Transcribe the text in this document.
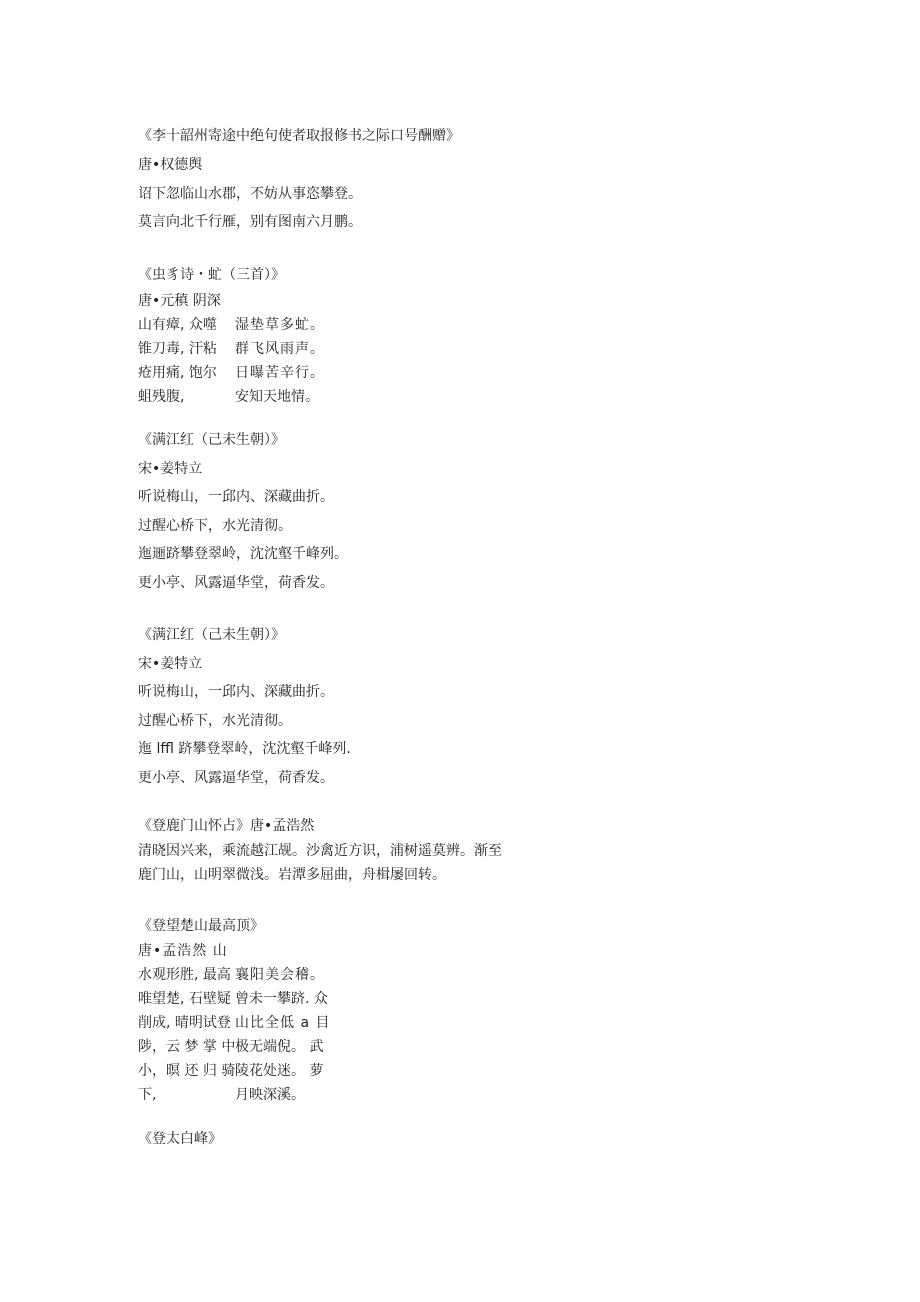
《李十韶州寄途中绝句使者取报修书之际口号酬赠》
唐•权德舆
诏下忽临山水郡，不妨从事恣攀登。
莫言向北千行雁，别有图南六月鹏。
《虫豸诗・虻（三首）》
唐•元稹 阴深
山有瘴, 众噬 湿垫草多虻。
锥刀毒, 汗粘 群飞风雨声。
疮用痛, 饱尔 日曝苦辛行。
蛆残腹,	安知天地情。
《满江红（己未生朝）》
宋•姜特立
听说梅山，一邱内、深藏曲折。
过醒心桥下，水光清彻。
迤逦跻攀登翠岭，沈沈壑千峰列。
更小亭、风露逼华堂，荷香发。
《满江红（己未生朝）》
宋•姜特立
听说梅山，一邱内、深藏曲折。
过醒心桥下，水光清彻。
迤 lffl 跻攀登翠岭，沈沈壑千峰列.
更小亭、风露逼华堂，荷香发。
《登鹿门山怀占》唐•孟浩然
清晓因兴来，乘流越江觇。沙禽近方识，浦树遥莫辨。渐至
鹿门山，山明翠微浅。岩潭多屈曲，舟楫屡回转。
《登望楚山最高顶》
唐•孟浩然 山
水观形胜, 最高 襄阳美会稽。
唯望楚, 石壁疑 曾未一攀跻. 众
削成, 晴明试登 山比全低 a 目
陟，云 梦 掌 中 极无端倪。 武
小，暝 还 归 骑 陵花处迷。 萝
下,	月映深溪。
《登太白峰》
